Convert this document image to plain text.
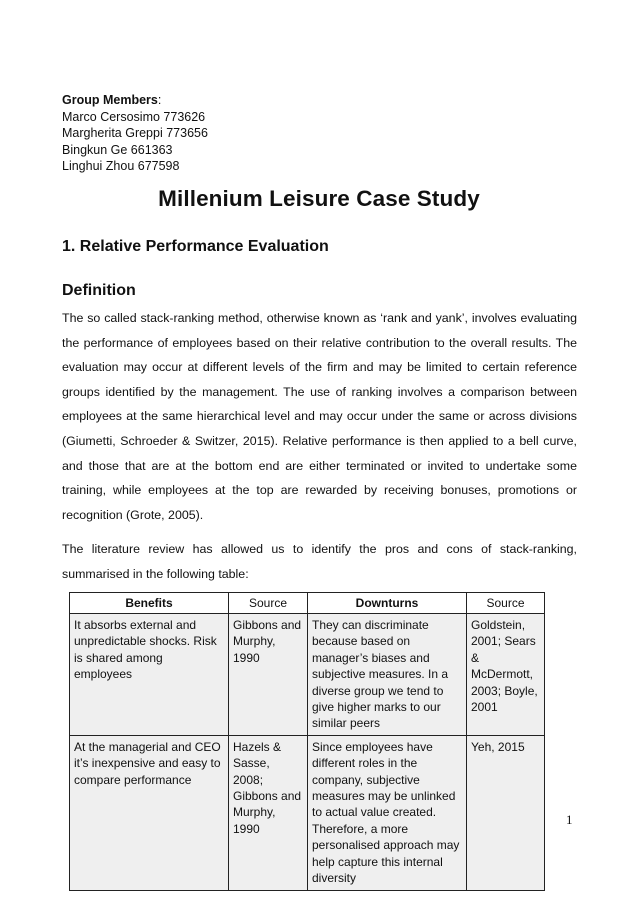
Group Members:
Marco Cersosimo 773626
Margherita Greppi 773656
Bingkun Ge 661363
Linghui Zhou 677598
Millenium Leisure Case Study
1. Relative Performance Evaluation
Definition

The so called stack-ranking method, otherwise known as ‘rank and yank’, involves evaluating the performance of employees based on their relative contribution to the overall results. The evaluation may occur at different levels of the firm and may be limited to certain reference groups identified by the management. The use of ranking involves a comparison between employees at the same hierarchical level and may occur under the same or across divisions (Giumetti, Schroeder & Switzer, 2015). Relative performance is then applied to a bell curve, and those that are at the bottom end are either terminated or invited to undertake some training, while employees at the top are rewarded by receiving bonuses, promotions or recognition (Grote, 2005).

The literature review has allowed us to identify the pros and cons of stack-ranking, summarised in the following table:

Benefits	Source	Downturns	Source
It absorbs external and unpredictable shocks. Risk is shared among employees	Gibbons and Murphy, 1990	They can discriminate because based on manager’s biases and subjective measures. In a diverse group we tend to give higher marks to our similar peers	Goldstein, 2001; Sears & McDermott, 2003; Boyle, 2001
At the managerial and CEO it’s inexpensive and easy to compare performance	Hazels & Sasse, 2008; Gibbons and Murphy, 1990	Since employees have different roles in the company, subjective measures may be unlinked to actual value created. Therefore, a more personalised approach may help capture this internal diversity	Yeh, 2015
1
